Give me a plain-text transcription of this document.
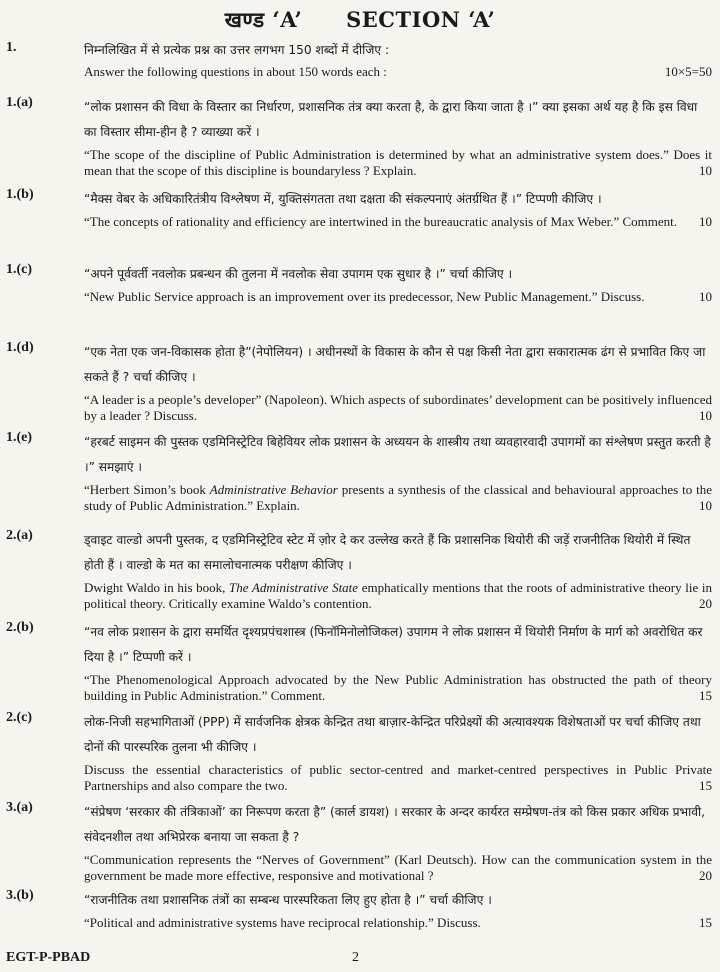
खण्ड ‘A’ SECTION ‘A’
1.	निम्नलिखित में से प्रत्येक प्रश्न का उत्तर लगभग 150 शब्दों में दीजिए :

10×5=50
Answer the following questions in about 150 words each :

1.(a)	“लोक प्रशासन की विधा के विस्तार का निर्धारण, प्रशासनिक तंत्र क्या करता है, के द्वारा किया जाता है ।” क्या इसका अर्थ यह है कि इस विधा का विस्तार सीमा-हीन है ? व्याख्या करें ।

“The scope of the discipline of Public Administration is determined by what an administrative system does.” Does it mean that the scope of this discipline is boundaryless ? Explain.	10

1.(b)	“मैक्स वेबर के अधिकारितंत्रीय विश्लेषण में, युक्तिसंगतता तथा दक्षता की संकल्पनाएं अंतर्ग्रथित हैं ।” टिप्पणी कीजिए ।

“The concepts of rationality and efficiency are intertwined in the bureaucratic analysis of Max Weber.” Comment. 10

1.(c)	“अपने पूर्ववर्ती नवलोक प्रबन्धन की तुलना में नवलोक सेवा उपागम एक सुधार है ।” चर्चा कीजिए ।

“New Public Service approach is an improvement over its predecessor, New Public Management.” Discuss.	10

1.(d)	“एक नेता एक जन-विकासक होता है”(नेपोलियन) । अधीनस्थों के विकास के कौन से पक्ष किसी नेता द्वारा सकारात्मक ढंग से प्रभावित किए जा सकते हैं ? चर्चा कीजिए ।

“A leader is a people’s developer” (Napoleon). Which aspects of subordinates’ development can be positively influenced by a leader ? Discuss.	10

1.(e)	“हरबर्ट साइमन की पुस्तक एडमिनिस्ट्रेटिव बिहेवियर लोक प्रशासन के अध्ययन के शास्त्रीय तथा व्यवहारवादी उपागमों का संश्लेषण प्रस्तुत करती है ।” समझाएं ।

“Herbert Simon’s book Administrative Behavior presents a synthesis of the classical and behavioural approaches to the study of Public Administration.” Explain.	10

2.(a)	ड्वाइट वाल्डो अपनी पुस्तक, द एडमिनिस्ट्रेटिव स्टेट में ज़ोर दे कर उल्लेख करते हैं कि प्रशासनिक थियोरी की जड़ें राजनीतिक थियोरी में स्थित होती हैं । वाल्डो के मत का समालोचनात्मक परीक्षण कीजिए ।

Dwight Waldo in his book, The Administrative State emphatically mentions that the roots of administrative theory lie in political theory. Critically examine Waldo’s contention.	20

2.(b)	“नव लोक प्रशासन के द्वारा समर्थित दृश्यप्रपंचशास्त्र (फिनॉमिनोलोजिकल) उपागम ने लोक प्रशासन में थियोरी निर्माण के मार्ग को अवरोधित कर दिया है ।” टिप्पणी करें ।

“The Phenomenological Approach advocated by the New Public Administration has obstructed the path of theory building in Public Administration.” Comment.	15

2.(c)	लोक-निजी सहभागिताओं (PPP) में सार्वजनिक क्षेत्रक केन्द्रित तथा बाज़ार-केन्द्रित परिप्रेक्ष्यों की अत्यावश्यक विशेषताओं पर चर्चा कीजिए तथा दोनों की पारस्परिक तुलना भी कीजिए ।

Discuss the essential characteristics of public sector-centred and market-centred perspectives in Public Private Partnerships and also compare the two.	15

3.(a)	“संप्रेषण ‘सरकार की तंत्रिकाओं’ का निरूपण करता है” (कार्ल डायश) । सरकार के अन्दर कार्यरत सम्प्रेषण-तंत्र को किस प्रकार अधिक प्रभावी, संवेदनशील तथा अभिप्रेरक बनाया जा सकता है ?

“Communication represents the “Nerves of Government” (Karl Deutsch). How can the communication system in the government be made more effective, responsive and motivational ?	20

3.(b)	“राजनीतिक तथा प्रशासनिक तंत्रों का सम्बन्ध पारस्परिकता लिए हुए होता है ।” चर्चा कीजिए ।

“Political and administrative systems have reciprocal relationship.” Discuss.	15

EGT-P-PBAD	2
